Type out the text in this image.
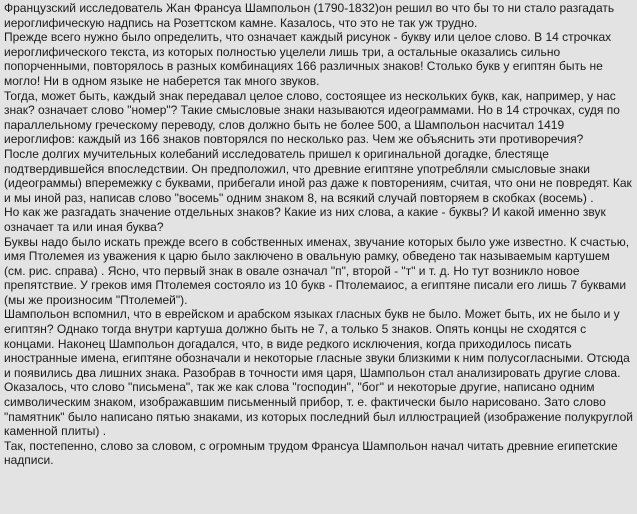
Французский исследователь Жан Франсуа Шампольон (1790-1832)он решил во что бы то ни стало разгадать иероглифическую надпись на Розеттском камне. Казалось, что это не так уж трудно.

Прежде всего нужно было определить, что означает каждый рисунок - букву или целое слово. В 14 строчках иероглифического текста, из которых полностью уцелели лишь три, а остальные оказались сильно попорченными, повторялось в разных комбинациях 166 различных знаков! Столько букв у египтян быть не могло! Ни в одном языке не наберется так много звуков.

Тогда, может быть, каждый знак передавал целое слово, состоящее из нескольких букв, как, например, у нас знак? означает слово "номер"? Такие смысловые знаки называются идеограммами. Но в 14 строчках, судя по параллельному греческому переводу, слов должно быть не более 500, а Шампольон насчитал 1419 иероглифов: каждый из 166 знаков повторялся по несколько раз. Чем же объяснить эти противоречия?

После долгих мучительных колебаний исследователь пришел к оригинальной догадке, блестяще подтвердившейся впоследствии. Он предположил, что древние египтяне употребляли смысловые знаки (идеограммы) вперемежку с буквами, прибегали иной раз даже к повторениям, считая, что они не повредят. Как и мы иной раз, написав слово "восемь" одним знаком 8, на всякий случай повторяем в скобках (восемь) .

Но как же разгадать значение отдельных знаков? Какие из них слова, а какие - буквы? И какой именно звук означает та или иная буква?

Буквы надо было искать прежде всего в собственных именах, звучание которых было уже известно. К счастью, имя Птолемея из уважения к царю было заключено в овальную рамку, обведено так называемым картушем (см. рис. справа) . Ясно, что первый знак в овале означал "п", второй - "т" и т. д. Но тут возникло новое препятствие. У греков имя Птолемея состояло из 10 букв - Птолемаиос, а египтяне писали его лишь 7 буквами (мы же произносим "Птолемей").

Шампольон вспомнил, что в еврейском и арабском языках гласных букв не было. Может быть, их не было и у египтян? Однако тогда внутри картуша должно быть не 7, а только 5 знаков. Опять концы не сходятся с концами. Наконец Шампольон догадался, что, в виде редкого исключения, когда приходилось писать иностранные имена, египтяне обозначали и некоторые гласные звуки близкими к ним полусогласными. Отсюда и появились два лишних знака. Разобрав в точности имя царя, Шампольон стал анализировать другие слова. Оказалось, что слово "письмена", так же как слова "господин", "бог" и некоторые другие, написано одним символическим знаком, изображавшим письменный прибор, т. е. фактически было нарисовано. Зато слово "памятник" было написано пятью знаками, из которых последний был иллюстрацией (изображение полукруглой каменной плиты) .

Так, постепенно, слово за словом, с огромным трудом Франсуа Шампольон начал читать древние египетские надписи.
